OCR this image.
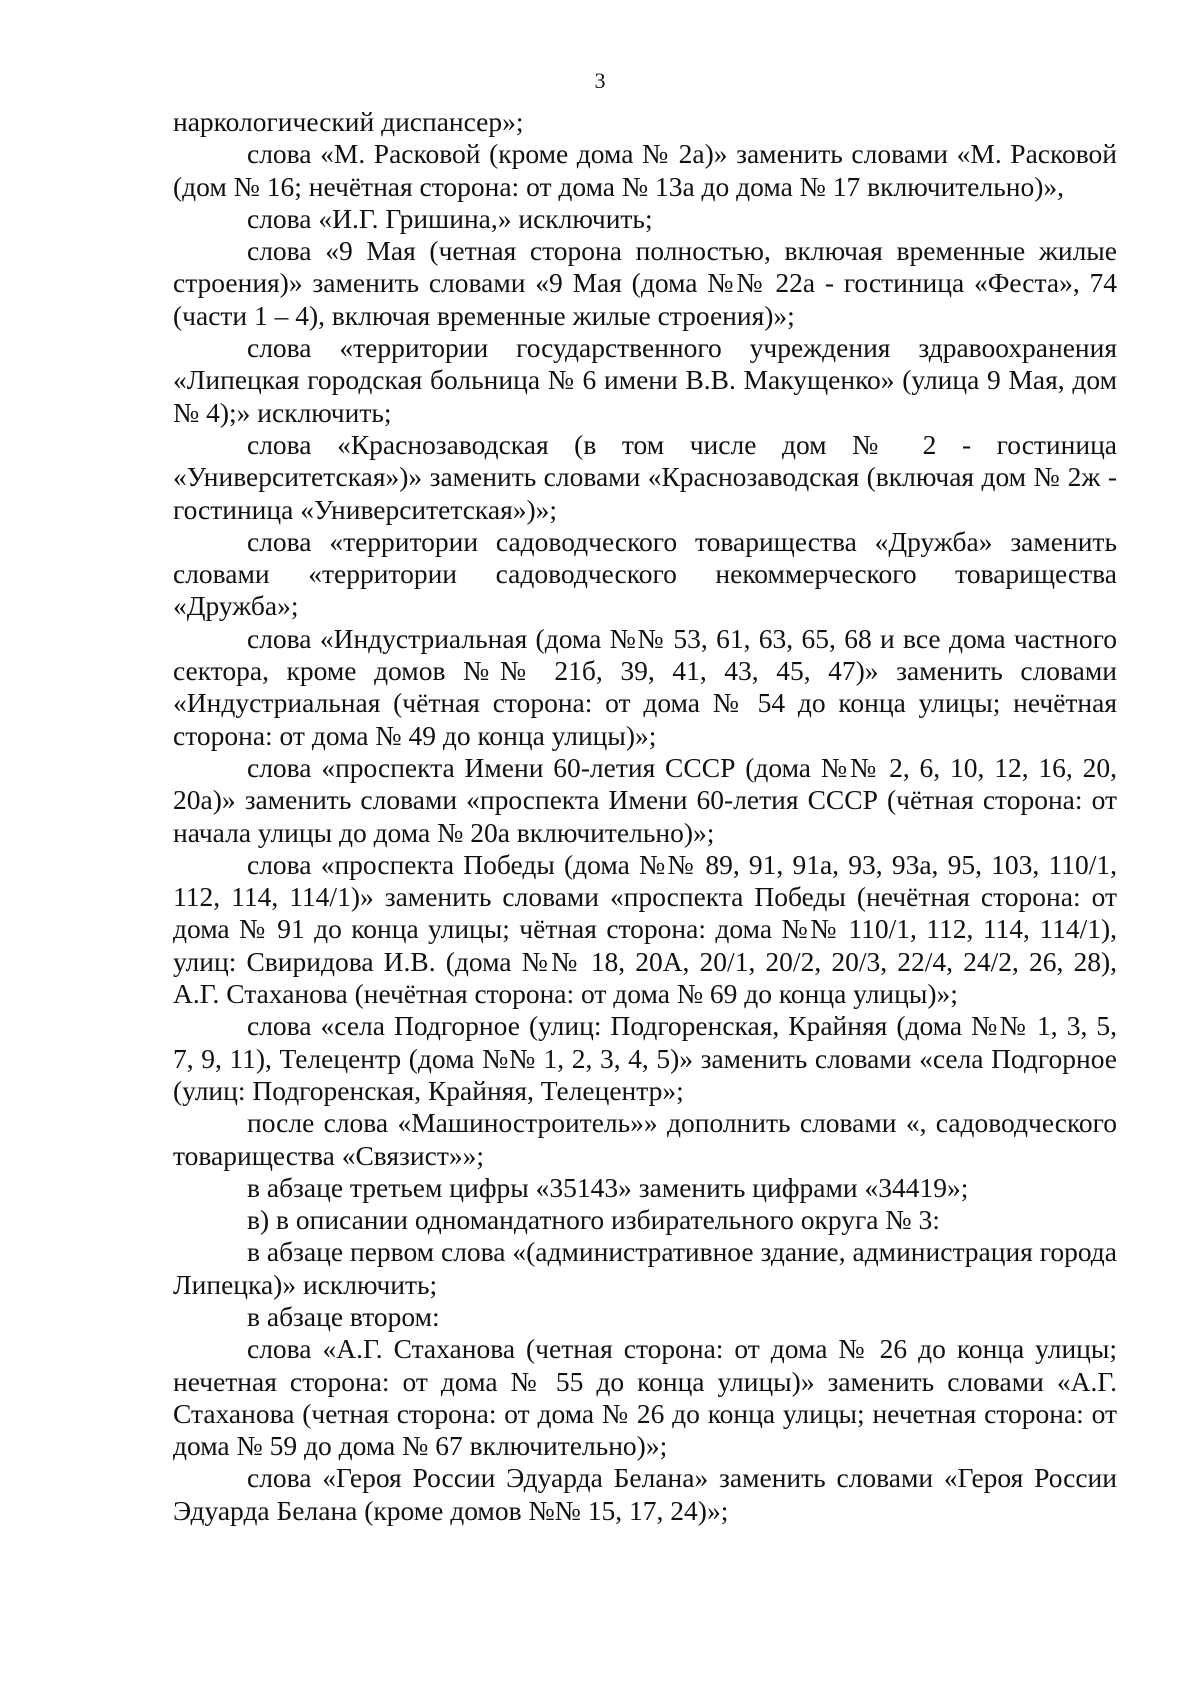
3

наркологический диспансер»;

слова «М. Расковой (кроме дома № 2а)» заменить словами «М. Расковой (дом № 16; нечётная сторона: от дома № 13а до дома № 17 включительно)»,

слова «И.Г. Гришина,» исключить;

слова «9 Мая (четная сторона полностью, включая временные жилые строения)» заменить словами «9 Мая (дома №№ 22а - гостиница «Феста», 74 (части 1 – 4), включая временные жилые строения)»;

слова «территории государственного учреждения здравоохранения «Липецкая городская больница № 6 имени В.В. Макущенко» (улица 9 Мая, дом № 4);» исключить;

слова «Краснозаводская (в том числе дом № 2 - гостиница «Университетская»)» заменить словами «Краснозаводская (включая дом № 2ж - гостиница «Университетская»)»;

слова «территории садоводческого товарищества «Дружба» заменить словами «территории садоводческого некоммерческого товарищества «Дружба»;

слова «Индустриальная (дома №№ 53, 61, 63, 65, 68 и все дома частного сектора, кроме домов №№ 21б, 39, 41, 43, 45, 47)» заменить словами «Индустриальная (чётная сторона: от дома № 54 до конца улицы; нечётная сторона: от дома № 49 до конца улицы)»;

слова «проспекта Имени 60-летия СССР (дома №№ 2, 6, 10, 12, 16, 20, 20а)» заменить словами «проспекта Имени 60-летия СССР (чётная сторона: от начала улицы до дома № 20а включительно)»;

слова «проспекта Победы (дома №№ 89, 91, 91а, 93, 93а, 95, 103, 110/1, 112, 114, 114/1)» заменить словами «проспекта Победы (нечётная сторона: от дома № 91 до конца улицы; чётная сторона: дома №№ 110/1, 112, 114, 114/1), улиц: Свиридова И.В. (дома №№ 18, 20А, 20/1, 20/2, 20/3, 22/4, 24/2, 26, 28), А.Г. Стаханова (нечётная сторона: от дома № 69 до конца улицы)»;

слова «села Подгорное (улиц: Подгоренская, Крайняя (дома №№ 1, 3, 5, 7, 9, 11), Телецентр (дома №№ 1, 2, 3, 4, 5)» заменить словами «села Подгорное (улиц: Подгоренская, Крайняя, Телецентр»;

после слова «Машиностроитель»» дополнить словами «, садоводческого товарищества «Связист»»;

в абзаце третьем цифры «35143» заменить цифрами «34419»;

в) в описании одномандатного избирательного округа № 3:

в абзаце первом слова «(административное здание, администрация города Липецка)» исключить;

в абзаце втором:

слова «А.Г. Стаханова (четная сторона: от дома № 26 до конца улицы; нечетная сторона: от дома № 55 до конца улицы)» заменить словами «А.Г. Стаханова (четная сторона: от дома № 26 до конца улицы; нечетная сторона: от дома № 59 до дома № 67 включительно)»;

слова «Героя России Эдуарда Белана» заменить словами «Героя России Эдуарда Белана (кроме домов №№ 15, 17, 24)»;
